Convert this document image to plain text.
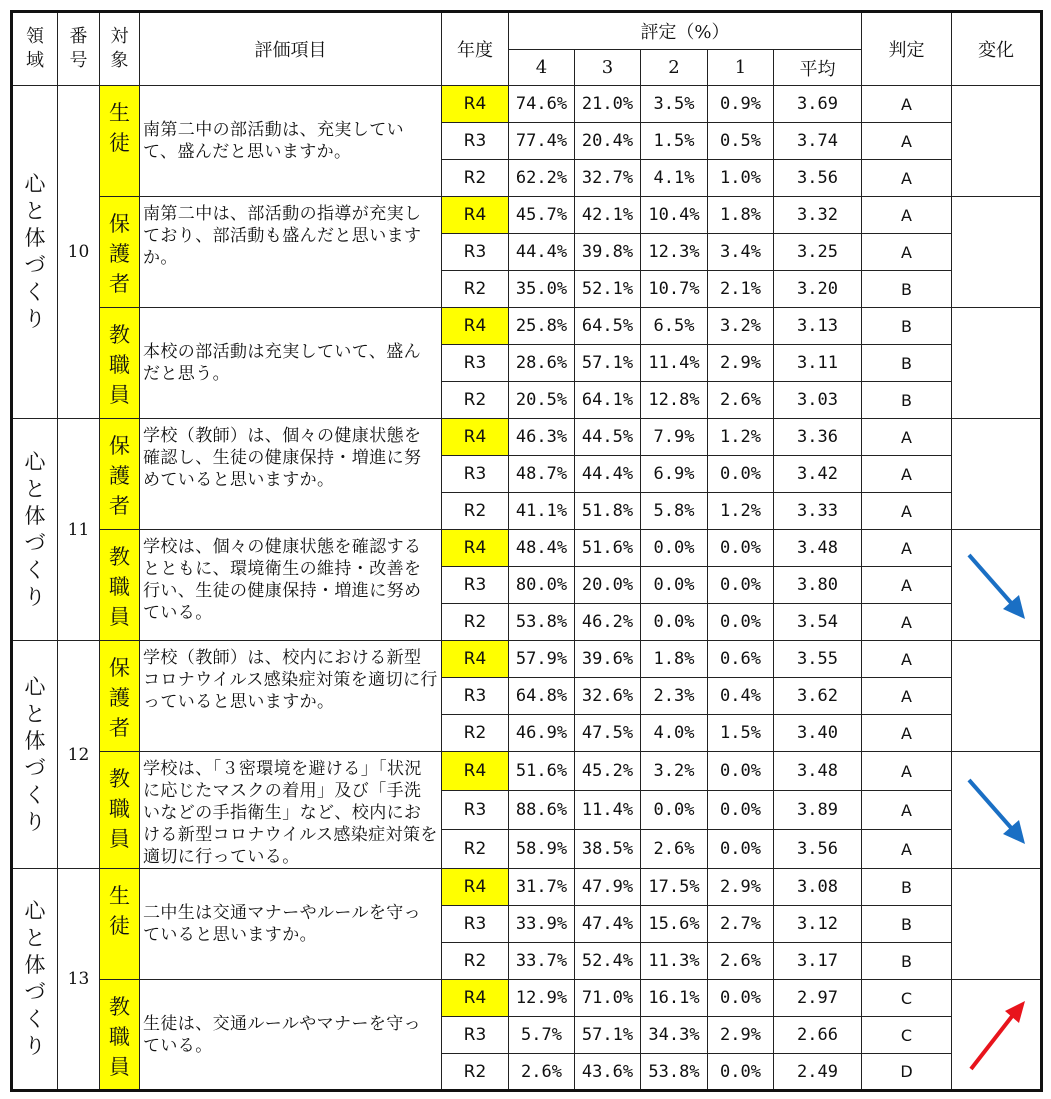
領域	番号	対象	評価項目	年度	評定（%）					判定	変化
					4	3	2	1	平均		

心と体づくり	10	生徒	南第二中の部活動は、充実していて、盛んだと思いますか。	R4	74.6%	21.0%	3.5%	0.9%	3.69	A	
				R3	77.4%	20.4%	1.5%	0.5%	3.74	A	
				R2	62.2%	32.7%	4.1%	1.0%	3.56	A	

		保護者	南第二中は、部活動の指導が充実しており、部活動も盛んだと思いますか。	R4	45.7%	42.1%	10.4%	1.8%	3.32	A	
				R3	44.4%	39.8%	12.3%	3.4%	3.25	A	
				R2	35.0%	52.1%	10.7%	2.1%	3.20	B	

		教職員	本校の部活動は充実していて、盛んだと思う。	R4	25.8%	64.5%	6.5%	3.2%	3.13	B	
				R3	28.6%	57.1%	11.4%	2.9%	3.11	B	
				R2	20.5%	64.1%	12.8%	2.6%	3.03	B	

心と体づくり	11	保護者	学校（教師）は、個々の健康状態を確認し、生徒の健康保持・増進に努めていると思いますか。	R4	46.3%	44.5%	7.9%	1.2%	3.36	A	
				R3	48.7%	44.4%	6.9%	0.0%	3.42	A	
				R2	41.1%	51.8%	5.8%	1.2%	3.33	A	

		教職員	学校は、個々の健康状態を確認するとともに、環境衛生の維持・改善を行い、生徒の健康保持・増進に努めている。	R4	48.4%	51.6%	0.0%	0.0%	3.48	A	

				R3	80.0%	20.0%	0.0%	0.0%	3.80	A	
				R2	53.8%	46.2%	0.0%	0.0%	3.54	A	

心と体づくり	12	保護者	学校（教師）は、校内における新型コロナウイルス感染症対策を適切に行っていると思いますか。	R4	57.9%	39.6%	1.8%	0.6%	3.55	A	
				R3	64.8%	32.6%	2.3%	0.4%	3.62	A	
				R2	46.9%	47.5%	4.0%	1.5%	3.40	A	

		教職員	学校は、「３密環境を避ける」「状況に応じたマスクの着用」及び「手洗いなどの手指衛生」など、校内における新型コロナウイルス感染症対策を適切に行っている。	R4	51.6%	45.2%	3.2%	0.0%	3.48	A	

				R3	88.6%	11.4%	0.0%	0.0%	3.89	A	
				R2	58.9%	38.5%	2.6%	0.0%	3.56	A	

心と体づくり	13	生徒	二中生は交通マナーやルールを守っていると思いますか。	R4	31.7%	47.9%	17.5%	2.9%	3.08	B	
				R3	33.9%	47.4%	15.6%	2.7%	3.12	B	
				R2	33.7%	52.4%	11.3%	2.6%	3.17	B	

		教職員	生徒は、交通ルールやマナーを守っている。	R4	12.9%	71.0%	16.1%	0.0%	2.97	C	

				R3	5.7%	57.1%	34.3%	2.9%	2.66	C	
				R2	2.6%	43.6%	53.8%	0.0%	2.49	D	
